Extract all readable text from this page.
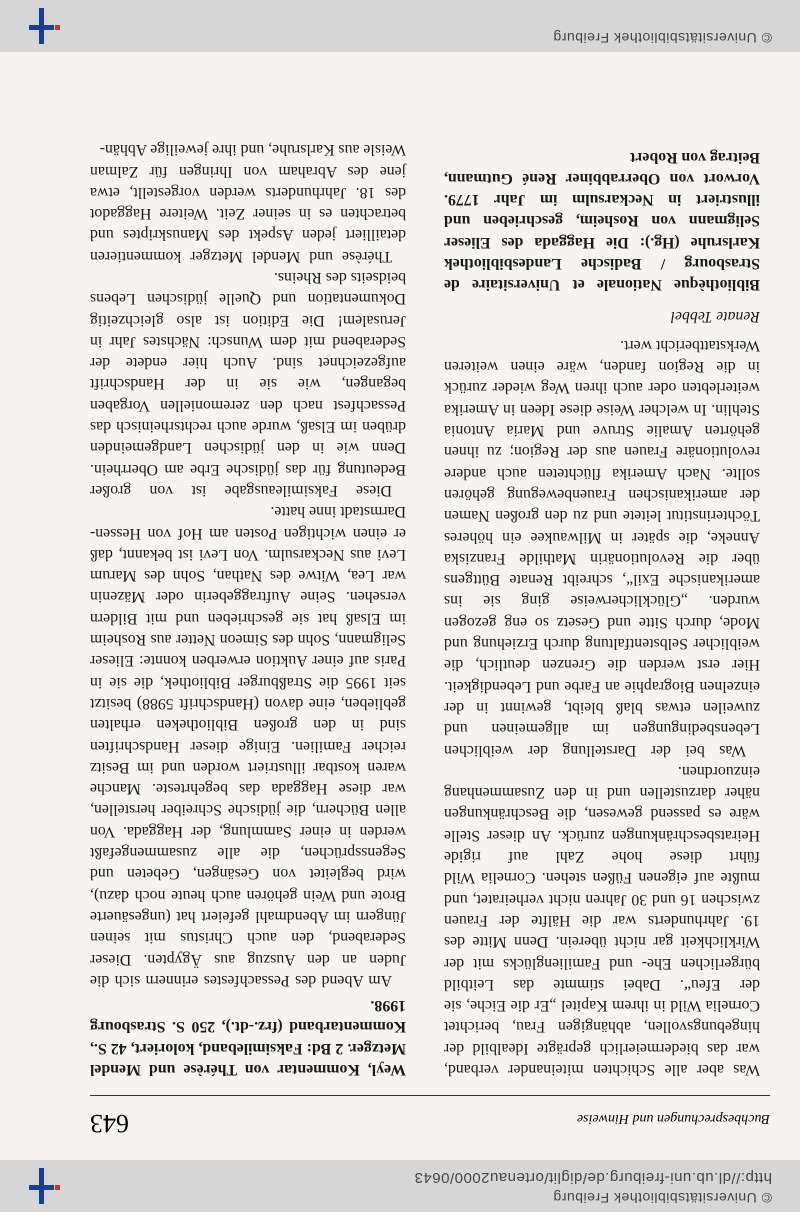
© Universitätsbibliothek Freiburg
http://dl.ub.uni-freiburg.de/diglit/ortenau2000/0643
Buchbesprechungen und Hinweise
643

Was aber alle Schichten miteinander verband, war das biedermeierlich geprägte Idealbild der hingebungsvollen, abhängigen Frau, berichtet Cornelia Wild in ihrem Kapitel „Er die Eiche, sie der Efeu“. Dabei stimmte das Leitbild bürgerlichen Ehe- und Familienglücks mit der Wirklichkeit gar nicht überein. Denn Mitte des 19. Jahrhunderts war die Hälfte der Frauen zwischen 16 und 30 Jahren nicht verheiratet, und mußte auf eigenen Füßen stehen. Cornelia Wild führt diese hohe Zahl auf rigide Heiratsbeschränkungen zurück. An dieser Stelle wäre es passend gewesen, die Beschränkungen näher darzustellen und in den Zusammenhang einzuordnen.

Was bei der Darstellung der weiblichen Lebensbedingungen im allgemeinen und zuweilen etwas blaß bleibt, gewinnt in der einzelnen Biographie an Farbe und Lebendigkeit. Hier erst werden die Grenzen deutlich, die weiblicher Selbstentfaltung durch Erziehung und Mode, durch Sitte und Gesetz so eng gezogen wurden. „Glücklicherweise ging sie ins amerikanische Exil“, schreibt Renate Büttgens über die Revolutionärin Mathilde Franziska Anneke, die später in Milwaukee ein höheres Töchterinstitut leitete und zu den großen Namen der amerikanischen Frauenbewegung gehören sollte. Nach Amerika flüchteten auch andere revolutionäre Frauen aus der Region; zu ihnen gehörten Amalie Struve und Maria Antonia Stehlin. In welcher Weise diese Ideen in Amerika weiterlebten oder auch ihren Weg wieder zurück in die Region fanden, wäre einen weiteren Werkstattbericht wert.

Renate Tebbel

Bibliothèque Nationale et Universitaire de Strasbourg / Badische Landesbibliothek Karlsruhe (Hg.): Die Haggada des Elieser Seligmann von Rosheim, geschrieben und illustriert in Neckarsulm im Jahr 1779. Vorwort von Oberrabbiner René Gutmann, Beitrag von Robert

Weyl, Kommentar von Thérèse und Mendel Metzger. 2 Bd: Faksimileband, koloriert, 42 S., Kommentarband (frz.-dt.), 250 S. Strasbourg 1998.

Am Abend des Pessachfestes erinnern sich die Juden an den Auszug aus Ägypten. Dieser Sederabend, den auch Christus mit seinen Jüngern im Abendmahl gefeiert hat (ungesäuerte Brote und Wein gehören auch heute noch dazu), wird begleitet von Gesängen, Gebeten und Segenssprüchen, die alle zusammengefaßt werden in einer Sammlung, der Haggada. Von allen Büchern, die jüdische Schreiber herstellen, war diese Haggada das begehrteste. Manche waren kostbar illustriert worden und im Besitz reicher Familien. Einige dieser Handschriften sind in den großen Bibliotheken erhalten geblieben, eine davon (Handschrift 5988) besitzt seit 1995 die Straßburger Bibliothek, die sie in Paris auf einer Auktion erwerben konnte: Elieser Seligmann, Sohn des Simeon Netter aus Rosheim im Elsaß hat sie geschrieben und mit Bildern versehen. Seine Auftraggeberin oder Mäzenin war Lea, Witwe des Nathan, Sohn des Marum Levi aus Neckarsulm. Von Levi ist bekannt, daß er einen wichtigen Posten am Hof von Hessen-Darmstadt inne hatte.

Diese Faksimileausgabe ist von großer Bedeutung für das jüdische Erbe am Oberrhein. Denn wie in den jüdischen Landgemeinden drüben im Elsaß, wurde auch rechtsrheinisch das Pessachfest nach den zeremoniellen Vorgaben begangen, wie sie in der Handschrift aufgezeichnet sind. Auch hier endete der Sederabend mit dem Wunsch: Nächstes Jahr in Jerusalem! Die Edition ist also gleichzeitig Dokumentation und Quelle jüdischen Lebens beidseits des Rheins.

Thérèse und Mendel Metzger kommentieren detailliert jeden Aspekt des Manuskriptes und betrachten es in seiner Zeit. Weitere Haggadot des 18. Jahrhunderts werden vorgestellt, etwa jene des Abraham von Ihringen für Zalman Weisle aus Karlsruhe, und ihre jeweilige Abhän-

© Universitätsbibliothek Freiburg
